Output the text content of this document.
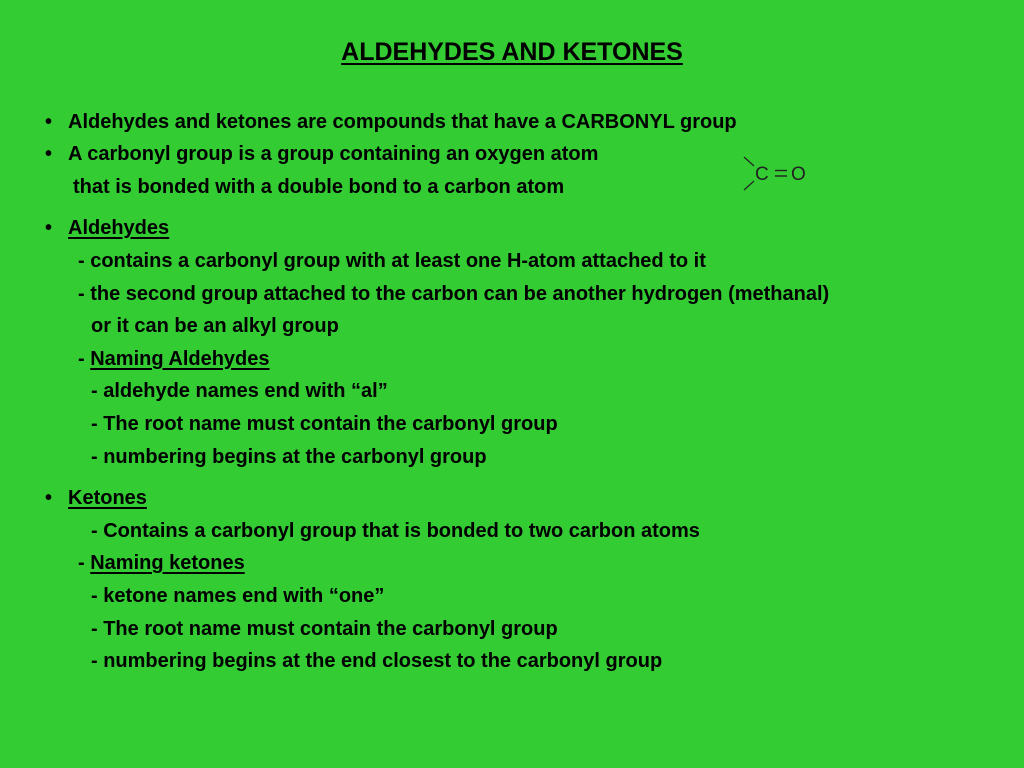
ALDEHYDES AND KETONES
• Aldehydes and ketones are compounds that have a CARBONYL group
• A carbonyl group is a group containing an oxygen atom
that is bonded with a double bond to a carbon atom
C O
• Aldehydes
- contains a carbonyl group with at least one H-atom attached to it
- the second group attached to the carbon can be another hydrogen (methanal)
or it can be an alkyl group
- Naming Aldehydes
- aldehyde names end with “al”
- The root name must contain the carbonyl group
- numbering begins at the carbonyl group
• Ketones
- Contains a carbonyl group that is bonded to two carbon atoms
- Naming ketones
- ketone names end with “one”
- The root name must contain the carbonyl group
- numbering begins at the end closest to the carbonyl group
